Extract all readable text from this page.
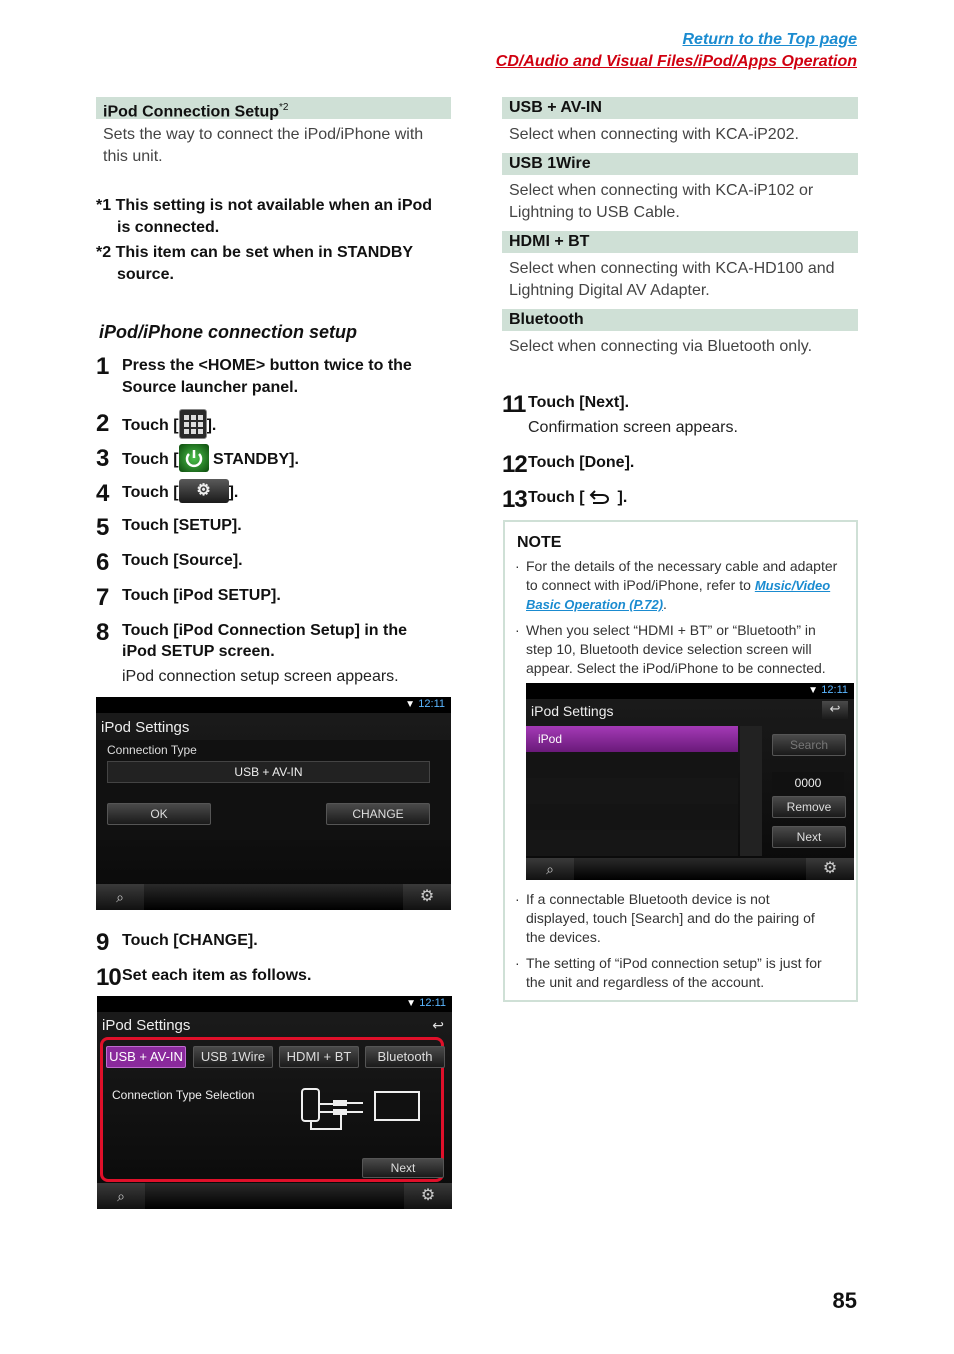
Return to the Top page
CD/Audio and Visual Files/iPod/Apps Operation
iPod Connection Setup$^{*2}$
Sets the way to connect the iPod/iPhone with
this unit.
*1 This setting is not available when an iPod
is connected.
*2 This item can be set when in STANDBY
source.
iPod/iPhone connection setup
1 Press the <HOME> button twice to the
Source launcher panel.
2 Touch [ ].
3 Touch [ STANDBY].
4 Touch [ ⚙ ].
5 Touch [SETUP].
6 Touch [Source].
7 Touch [iPod SETUP].
8 Touch [iPod Connection Setup] in the
iPod SETUP screen.
iPod connection setup screen appears.
▼ 12:11
iPod Settings
Connection Type
USB + AV-IN
OK	CHANGE
⌕	⚙
9 Touch [CHANGE].
10 Set each item as follows.
▼ 12:11
iPod Settings	↩
USB + AV-IN	USB 1Wire	HDMI + BT	Bluetooth
Connection Type Selection
Next
⌕	⚙
USB + AV-IN
Select when connecting with KCA-iP202.
USB 1Wire
Select when connecting with KCA-iP102 or
Lightning to USB Cable.
HDMI + BT
Select when connecting with KCA-HD100 and
Lightning Digital AV Adapter.
Bluetooth
Select when connecting via Bluetooth only.
11 Touch [Next].
Confirmation screen appears.
12 Touch [Done].
13 Touch [ ].
NOTE
· For the details of the necessary cable and adapter
to connect with iPod/iPhone, refer to Music/Video
Basic Operation (P.72).
· When you select “HDMI + BT” or “Bluetooth” in
step 10, Bluetooth device selection screen will
appear. Select the iPod/iPhone to be connected.
▼ 12:11
iPod Settings	↩
iPod	Search
0000
Remove
Next
⌕	⚙
· If a connectable Bluetooth device is not
displayed, touch [Search] and do the pairing of
the devices.
· The setting of “iPod connection setup” is just for
the unit and regardless of the account.
85
